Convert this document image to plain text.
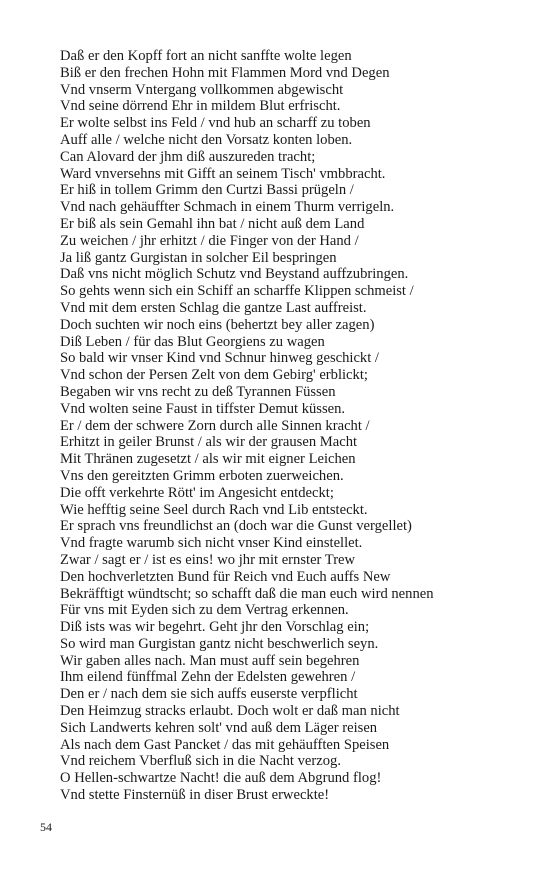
Daß er den Kopff fort an nicht sanffte wolte legen
Biß er den frechen Hohn mit Flammen Mord vnd Degen
Vnd vnserm Vntergang vollkommen abgewischt
Vnd seine dörrend Ehr in mildem Blut erfrischt.
Er wolte selbst ins Feld / vnd hub an scharff zu toben
Auff alle / welche nicht den Vorsatz konten loben.
Can Alovard der jhm diß auszureden tracht;
Ward vnversehns mit Gifft an seinem Tisch' vmbbracht.
Er hiß in tollem Grimm den Curtzi Bassi prügeln /
Vnd nach gehäuffter Schmach in einem Thurm verrigeln.
Er biß als sein Gemahl ihn bat / nicht auß dem Land
Zu weichen / jhr erhitzt / die Finger von der Hand /
Ja liß gantz Gurgistan in solcher Eil bespringen
Daß vns nicht möglich Schutz vnd Beystand auffzubringen.
So gehts wenn sich ein Schiff an scharffe Klippen schmeist /
Vnd mit dem ersten Schlag die gantze Last auffreist.
Doch suchten wir noch eins (behertzt bey aller zagen)
Diß Leben / für das Blut Georgiens zu wagen
So bald wir vnser Kind vnd Schnur hinweg geschickt /
Vnd schon der Persen Zelt von dem Gebirg' erblickt;
Begaben wir vns recht zu deß Tyrannen Füssen
Vnd wolten seine Faust in tiffster Demut küssen.
Er / dem der schwere Zorn durch alle Sinnen kracht /
Erhitzt in geiler Brunst / als wir der grausen Macht
Mit Thränen zugesetzt / als wir mit eigner Leichen
Vns den gereitzten Grimm erboten zuerweichen.
Die offt verkehrte Rött' im Angesicht entdeckt;
Wie hefftig seine Seel durch Rach vnd Lib entsteckt.
Er sprach vns freundlichst an (doch war die Gunst vergellet)
Vnd fragte warumb sich nicht vnser Kind einstellet.
Zwar / sagt er / ist es eins! wo jhr mit ernster Trew
Den hochverletzten Bund für Reich vnd Euch auffs New
Bekräfftigt wündtscht; so schafft daß die man euch wird nennen
Für vns mit Eyden sich zu dem Vertrag erkennen.
Diß ists was wir begehrt. Geht jhr den Vorschlag ein;
So wird man Gurgistan gantz nicht beschwerlich seyn.
Wir gaben alles nach. Man must auff sein begehren
Ihm eilend fünffmal Zehn der Edelsten gewehren /
Den er / nach dem sie sich auffs euserste verpflicht
Den Heimzug stracks erlaubt. Doch wolt er daß man nicht
Sich Landwerts kehren solt' vnd auß dem Läger reisen
Als nach dem Gast Pancket / das mit gehäufften Speisen
Vnd reichem Vberfluß sich in die Nacht verzog.
O Hellen-schwartze Nacht! die auß dem Abgrund flog!
Vnd stette Finsternüß in diser Brust erweckte!
54
